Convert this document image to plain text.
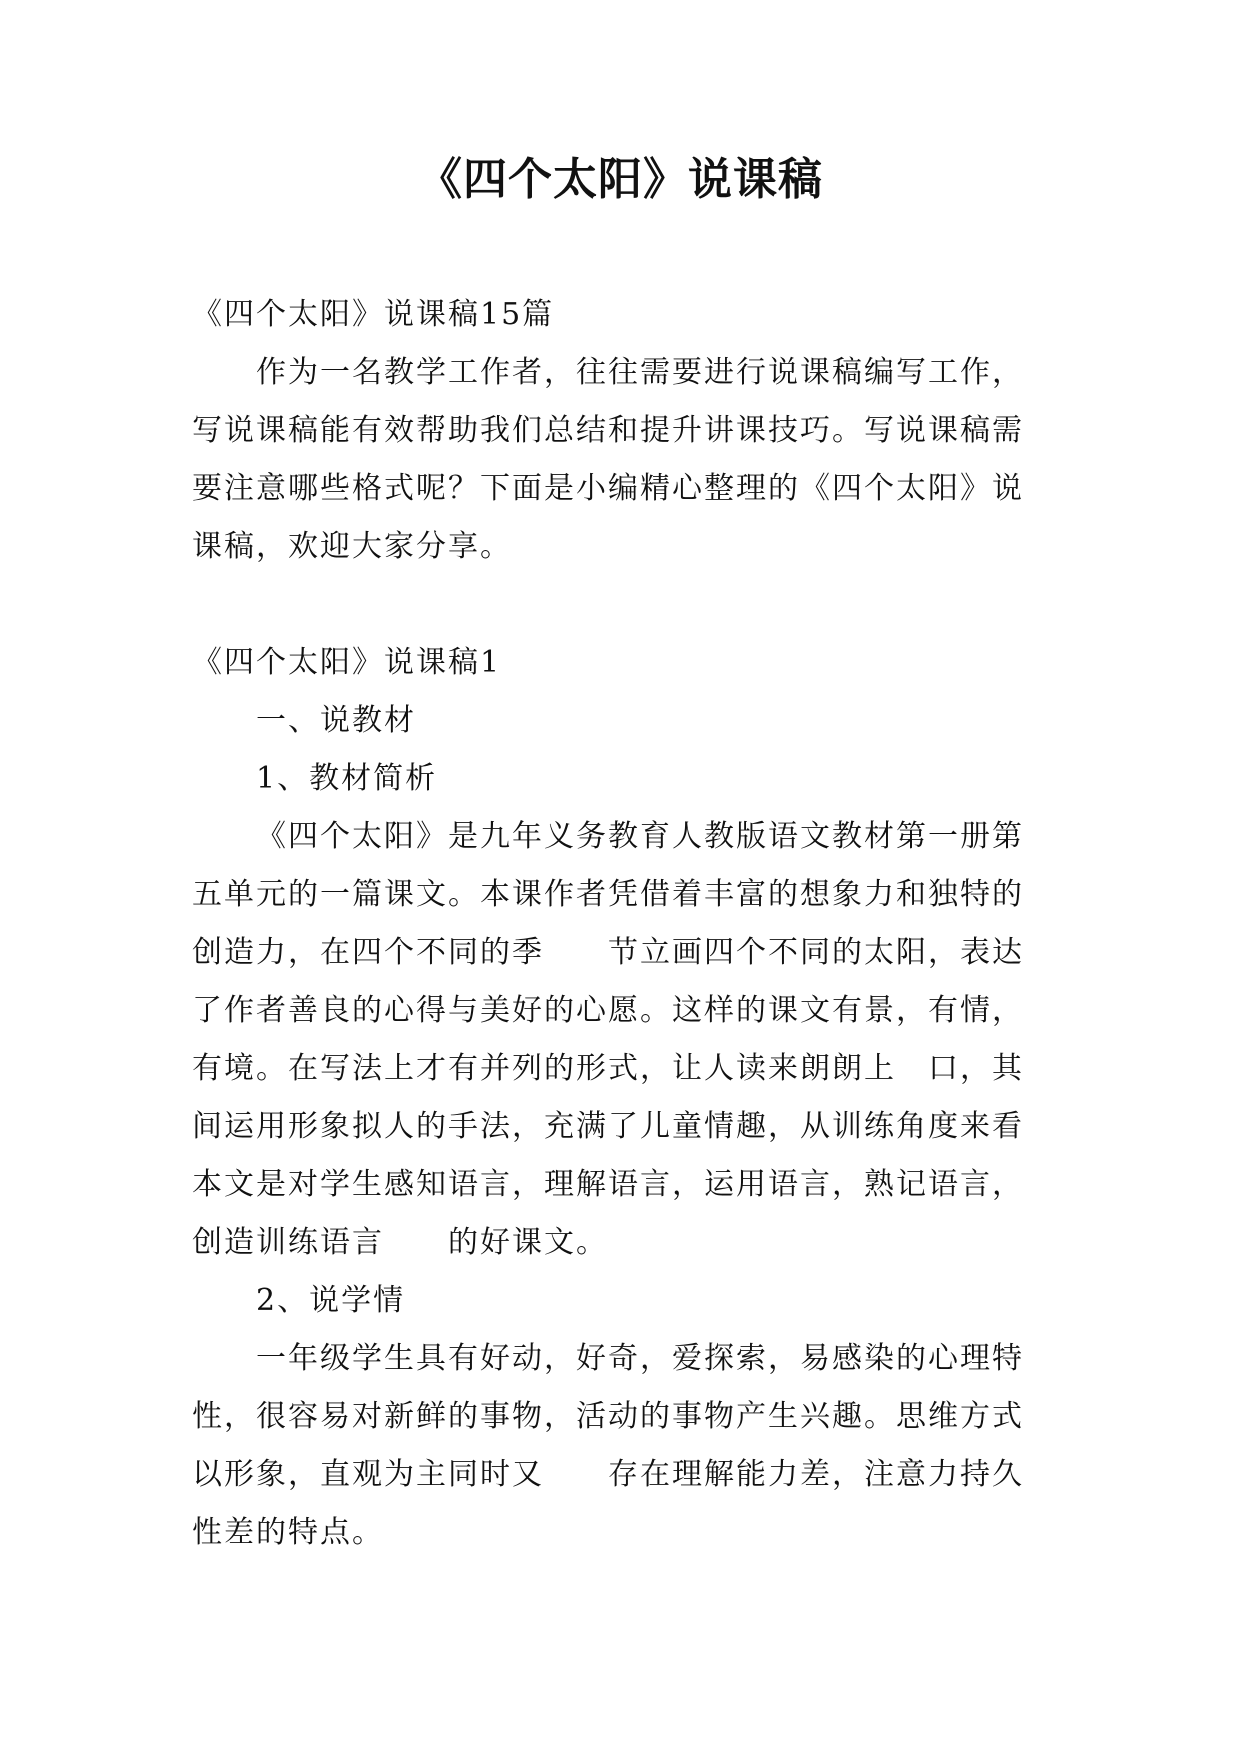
《四个太阳》说课稿
《四个太阳》说课稿15篇
作为一名教学工作者，往往需要进行说课稿编写工作，
写说课稿能有效帮助我们总结和提升讲课技巧。写说课稿需
要注意哪些格式呢？下面是小编精心整理的《四个太阳》说
课稿，欢迎大家分享。
《四个太阳》说课稿1
一、说教材
1、教材简析
《四个太阳》是九年义务教育人教版语文教材第一册第
五单元的一篇课文。本课作者凭借着丰富的想象力和独特的
创造力，在四个不同的季　　节立画四个不同的太阳，表达
了作者善良的心得与美好的心愿。这样的课文有景，有情，
有境。在写法上才有并列的形式，让人读来朗朗上　口，其
间运用形象拟人的手法，充满了儿童情趣，从训练角度来看
本文是对学生感知语言，理解语言，运用语言，熟记语言，
创造训练语言　　的好课文。
2、说学情
一年级学生具有好动，好奇，爱探索，易感染的心理特
性，很容易对新鲜的事物，活动的事物产生兴趣。思维方式
以形象，直观为主同时又　　存在理解能力差，注意力持久
性差的特点。
